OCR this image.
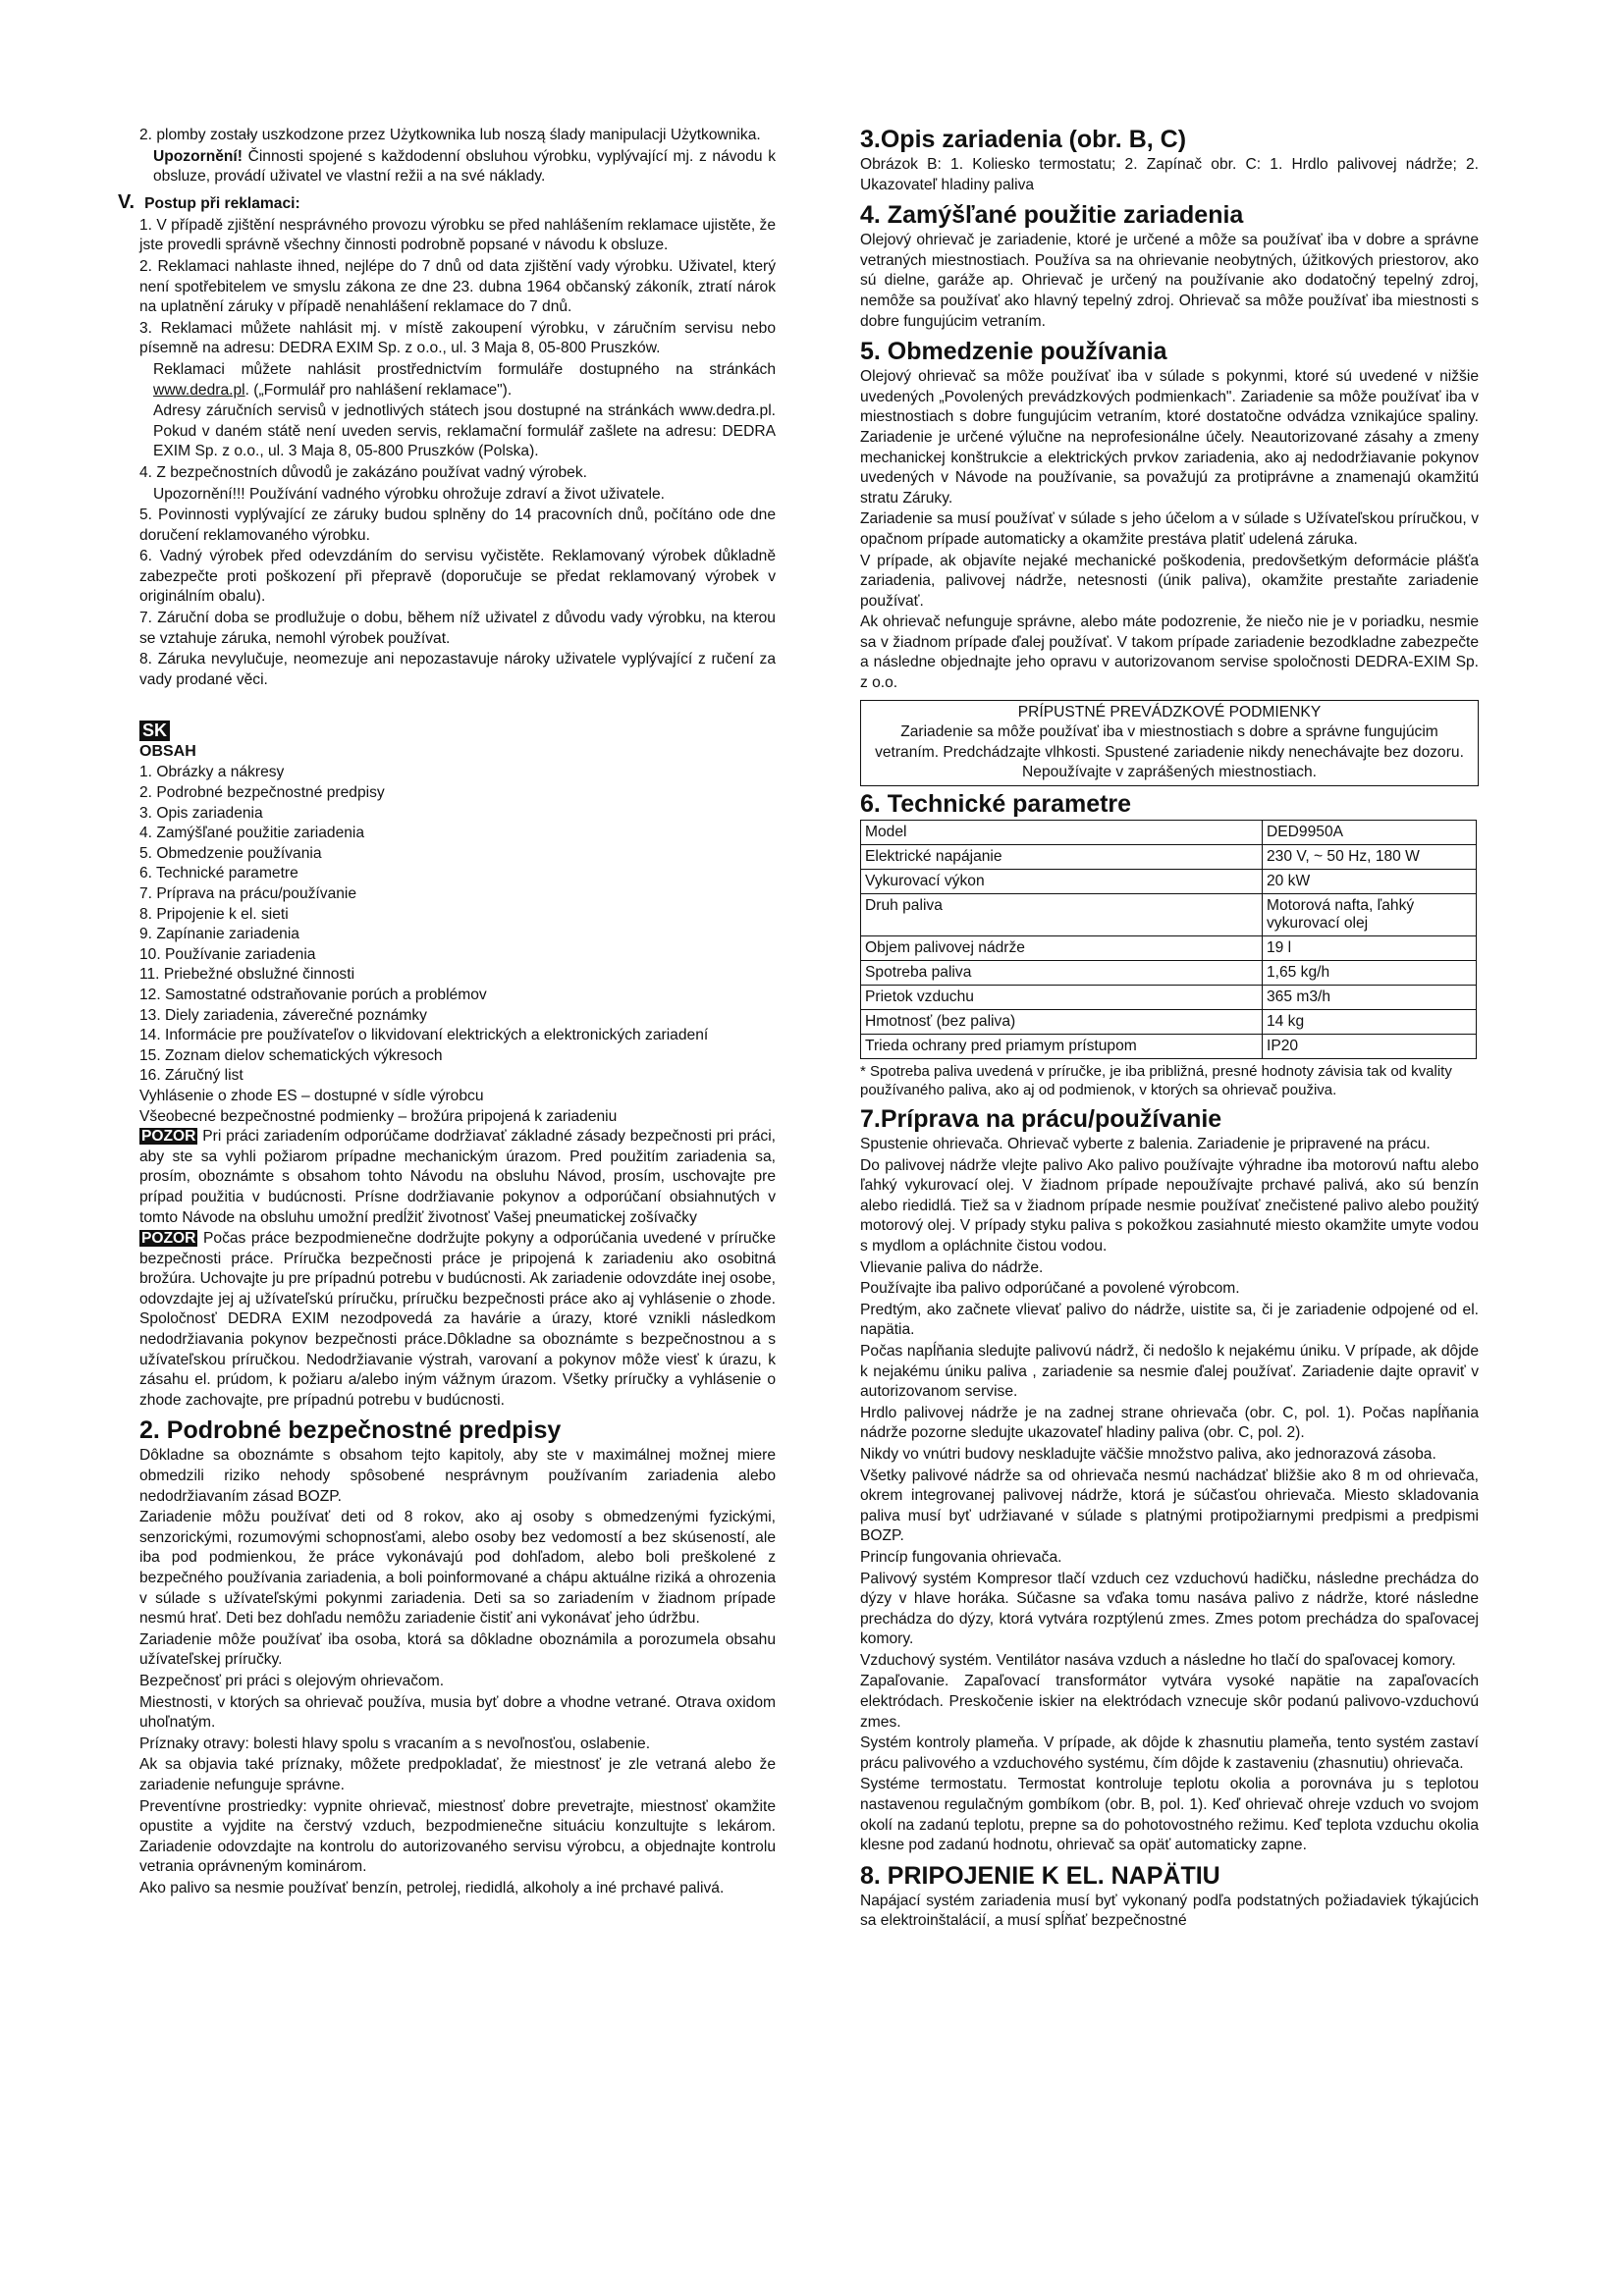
2. plomby zostały uszkodzone przez Użytkownika lub noszą ślady manipulacji Użytkownika.

Upozornění! Činnosti spojené s každodenní obsluhou výrobku, vyplývající mj. z návodu k obsluze, provádí uživatel ve vlastní režii a na své náklady.

V. Postup při reklamaci:

1. V případě zjištění nesprávného provozu výrobku se před nahlášením reklamace ujistěte, že jste provedli správně všechny činnosti podrobně popsané v návodu k obsluze.

2. Reklamaci nahlaste ihned, nejlépe do 7 dnů od data zjištění vady výrobku. Uživatel, který není spotřebitelem ve smyslu zákona ze dne 23. dubna 1964 občanský zákoník, ztratí nárok na uplatnění záruky v případě nenahlášení reklamace do 7 dnů.

3. Reklamaci můžete nahlásit mj. v místě zakoupení výrobku, v záručním servisu nebo písemně na adresu: DEDRA EXIM Sp. z o.o., ul. 3 Maja 8, 05-800 Pruszków.

Reklamaci můžete nahlásit prostřednictvím formuláře dostupného na stránkách www.dedra.pl. („Formulář pro nahlášení reklamace").

Adresy záručních servisů v jednotlivých státech jsou dostupné na stránkách www.dedra.pl. Pokud v daném státě není uveden servis, reklamační formulář zašlete na adresu: DEDRA EXIM Sp. z o.o., ul. 3 Maja 8, 05-800 Pruszków (Polska).

4. Z bezpečnostních důvodů je zakázáno používat vadný výrobek.

Upozornění!!! Používání vadného výrobku ohrožuje zdraví a život uživatele.

5. Povinnosti vyplývající ze záruky budou splněny do 14 pracovních dnů, počítáno ode dne doručení reklamovaného výrobku.

6. Vadný výrobek před odevzdáním do servisu vyčistěte. Reklamovaný výrobek důkladně zabezpečte proti poškození při přepravě (doporučuje se předat reklamovaný výrobek v originálním obalu).

7. Záruční doba se prodlužuje o dobu, během níž uživatel z důvodu vady výrobku, na kterou se vztahuje záruka, nemohl výrobek používat.

8. Záruka nevylučuje, neomezuje ani nepozastavuje nároky uživatele vyplývající z ručení za vady prodané věci.

SK
OBSAH

1. Obrázky a nákresy

2. Podrobné bezpečnostné predpisy

3. Opis zariadenia

4. Zamýšľané použitie zariadenia

5. Obmedzenie používania

6. Technické parametre

7. Príprava na prácu/používanie

8. Pripojenie k el. sieti

9. Zapínanie zariadenia

10. Používanie zariadenia

11. Priebežné obslužné činnosti

12. Samostatné odstraňovanie porúch a problémov

13. Diely zariadenia, záverečné poznámky

14. Informácie pre používateľov o likvidovaní elektrických a elektronických zariadení

15. Zoznam dielov schematických výkresoch

16. Záručný list

Vyhlásenie o zhode ES – dostupné v sídle výrobcu

Všeobecné bezpečnostné podmienky – brožúra pripojená k zariadeniu

POZOR Pri práci zariadením odporúčame dodržiavať základné zásady bezpečnosti pri práci, aby ste sa vyhli požiarom prípadne mechanickým úrazom. Pred použitím zariadenia sa, prosím, oboznámte s obsahom tohto Návodu na obsluhu Návod, prosím, uschovajte pre prípad použitia v budúcnosti. Prísne dodržiavanie pokynov a odporúčaní obsiahnutých v tomto Návode na obsluhu umožní predĺžiť životnosť Vašej pneumatickej zošívačky

POZOR Počas práce bezpodmienečne dodržujte pokyny a odporúčania uvedené v príručke bezpečnosti práce. Príručka bezpečnosti práce je pripojená k zariadeniu ako osobitná brožúra. Uchovajte ju pre prípadnú potrebu v budúcnosti. Ak zariadenie odovzdáte inej osobe, odovzdajte jej aj užívateľskú príručku, príručku bezpečnosti práce ako aj vyhlásenie o zhode. Spoločnosť DEDRA EXIM nezodpovedá za havárie a úrazy, ktoré vznikli následkom nedodržiavania pokynov bezpečnosti práce.Dôkladne sa oboznámte s bezpečnostnou a s užívateľskou príručkou. Nedodržiavanie výstrah, varovaní a pokynov môže viesť k úrazu, k zásahu el. prúdom, k požiaru a/alebo iným vážnym úrazom. Všetky príručky a vyhlásenie o zhode zachovajte, pre prípadnú potrebu v budúcnosti.

2. Podrobné bezpečnostné predpisy

Dôkladne sa oboznámte s obsahom tejto kapitoly, aby ste v maximálnej možnej miere obmedzili riziko nehody spôsobené nesprávnym používaním zariadenia alebo nedodržiavaním zásad BOZP.

Zariadenie môžu používať deti od 8 rokov, ako aj osoby s obmedzenými fyzickými, senzorickými, rozumovými schopnosťami, alebo osoby bez vedomostí a bez skúseností, ale iba pod podmienkou, že práce vykonávajú pod dohľadom, alebo boli preškolené z bezpečného používania zariadenia, a boli poinformované a chápu aktuálne riziká a ohrozenia v súlade s užívateľskými pokynmi zariadenia. Deti sa so zariadením v žiadnom prípade nesmú hrať. Deti bez dohľadu nemôžu zariadenie čistiť ani vykonávať jeho údržbu.

Zariadenie môže používať iba osoba, ktorá sa dôkladne oboznámila a porozumela obsahu užívateľskej príručky.

Bezpečnosť pri práci s olejovým ohrievačom.

Miestnosti, v ktorých sa ohrievač používa, musia byť dobre a vhodne vetrané. Otrava oxidom uhoľnatým.

Príznaky otravy: bolesti hlavy spolu s vracaním a s nevoľnosťou, oslabenie.

Ak sa objavia také príznaky, môžete predpokladať, že miestnosť je zle vetraná alebo že zariadenie nefunguje správne.

Preventívne prostriedky: vypnite ohrievač, miestnosť dobre prevetrajte, miestnosť okamžite opustite a vyjdite na čerstvý vzduch, bezpodmienečne situáciu konzultujte s lekárom. Zariadenie odovzdajte na kontrolu do autorizovaného servisu výrobcu, a objednajte kontrolu vetrania oprávneným kominárom.

Ako palivo sa nesmie používať benzín, petrolej, riedidlá, alkoholy a iné prchavé palivá.

3.Opis zariadenia (obr. B, C)

Obrázok B: 1. Koliesko termostatu; 2. Zapínač obr. C: 1. Hrdlo palivovej nádrže; 2. Ukazovateľ hladiny paliva

4. Zamýšľané použitie zariadenia

Olejový ohrievač je zariadenie, ktoré je určené a môže sa používať iba v dobre a správne vetraných miestnostiach. Používa sa na ohrievanie neobytných, úžitkových priestorov, ako sú dielne, garáže ap. Ohrievač je určený na používanie ako dodatočný tepelný zdroj, nemôže sa používať ako hlavný tepelný zdroj. Ohrievač sa môže používať iba miestnosti s dobre fungujúcim vetraním.

5. Obmedzenie používania

Olejový ohrievač sa môže používať iba v súlade s pokynmi, ktoré sú uvedené v nižšie uvedených „Povolených prevádzkových podmienkach". Zariadenie sa môže používať iba v miestnostiach s dobre fungujúcim vetraním, ktoré dostatočne odvádza vznikajúce spaliny. Zariadenie je určené výlučne na neprofesionálne účely. Neautorizované zásahy a zmeny mechanickej konštrukcie a elektrických prvkov zariadenia, ako aj nedodržiavanie pokynov uvedených v Návode na používanie, sa považujú za protiprávne a znamenajú okamžitú stratu Záruky.

Zariadenie sa musí používať v súlade s jeho účelom a v súlade s Užívateľskou príručkou, v opačnom prípade automaticky a okamžite prestáva platiť udelená záruka.

V prípade, ak objavíte nejaké mechanické poškodenia, predovšetkým deformácie plášťa zariadenia, palivovej nádrže, netesnosti (únik paliva), okamžite prestaňte zariadenie používať.

Ak ohrievač nefunguje správne, alebo máte podozrenie, že niečo nie je v poriadku, nesmie sa v žiadnom prípade ďalej používať. V takom prípade zariadenie bezodkladne zabezpečte a následne objednajte jeho opravu v autorizovanom servise spoločnosti DEDRA-EXIM Sp. z o.o.

PRÍPUSTNÉ PREVÁDZKOVÉ PODMIENKY
Zariadenie sa môže používať iba v miestnostiach s dobre a správne fungujúcim vetraním. Predchádzajte vlhkosti. Spustené zariadenie nikdy nenechávajte bez dozoru. Nepoužívajte v zaprášených miestnostiach.
6. Technické parametre
Model	DED9950A
Elektrické napájanie	230 V, ~ 50 Hz, 180 W
Vykurovací výkon	20 kW
Druh paliva	Motorová nafta, ľahký vykurovací olej
Objem palivovej nádrže	19 l
Spotreba paliva	1,65 kg/h
Prietok vzduchu	365 m3/h
Hmotnosť (bez paliva)	14 kg
Trieda ochrany pred priamym prístupom	IP20

* Spotreba paliva uvedená v príručke, je iba približná, presné hodnoty závisia tak od kvality používaného paliva, ako aj od podmienok, v ktorých sa ohrievač použiva.

7.Príprava na prácu/používanie

Spustenie ohrievača. Ohrievač vyberte z balenia. Zariadenie je pripravené na prácu.

Do palivovej nádrže vlejte palivo Ako palivo používajte výhradne iba motorovú naftu alebo ľahký vykurovací olej. V žiadnom prípade nepoužívajte prchavé palivá, ako sú benzín alebo riedidlá. Tiež sa v žiadnom prípade nesmie používať znečistené palivo alebo použitý motorový olej. V prípady styku paliva s pokožkou zasiahnuté miesto okamžite umyte vodou s mydlom a opláchnite čistou vodou.

Vlievanie paliva do nádrže.

Používajte iba palivo odporúčané a povolené výrobcom.

Predtým, ako začnete vlievať palivo do nádrže, uistite sa, či je zariadenie odpojené od el. napätia.

Počas napĺňania sledujte palivovú nádrž, či nedošlo k nejakému úniku. V prípade, ak dôjde k nejakému úniku paliva , zariadenie sa nesmie ďalej používať. Zariadenie dajte opraviť v autorizovanom servise.

Hrdlo palivovej nádrže je na zadnej strane ohrievača (obr. C, pol. 1). Počas napĺňania nádrže pozorne sledujte ukazovateľ hladiny paliva (obr. C, pol. 2).

Nikdy vo vnútri budovy neskladujte väčšie množstvo paliva, ako jednorazová zásoba.

Všetky palivové nádrže sa od ohrievača nesmú nachádzať bližšie ako 8 m od ohrievača, okrem integrovanej palivovej nádrže, ktorá je súčasťou ohrievača. Miesto skladovania paliva musí byť udržiavané v súlade s platnými protipožiarnymi predpismi a predpismi BOZP.

Princíp fungovania ohrievača.

Palivový systém Kompresor tlačí vzduch cez vzduchovú hadičku, následne prechádza do dýzy v hlave horáka. Súčasne sa vďaka tomu nasáva palivo z nádrže, ktoré následne prechádza do dýzy, ktorá vytvára rozptýlenú zmes. Zmes potom prechádza do spaľovacej komory.

Vzduchový systém. Ventilátor nasáva vzduch a následne ho tlačí do spaľovacej komory.

Zapaľovanie. Zapaľovací transformátor vytvára vysoké napätie na zapaľovacích elektródach. Preskočenie iskier na elektródach vznecuje skôr podanú palivovo-vzduchovú zmes.

Systém kontroly plameňa. V prípade, ak dôjde k zhasnutiu plameňa, tento systém zastaví prácu palivového a vzduchového systému, čím dôjde k zastaveniu (zhasnutiu) ohrievača.

Systéme termostatu. Termostat kontroluje teplotu okolia a porovnáva ju s teplotou nastavenou regulačným gombíkom (obr. B, pol. 1). Keď ohrievač ohreje vzduch vo svojom okolí na zadanú teplotu, prepne sa do pohotovostného režimu. Keď teplota vzduchu okolia klesne pod zadanú hodnotu, ohrievač sa opäť automaticky zapne.

8. PRIPOJENIE K EL. NAPÄTIU

Napájací systém zariadenia musí byť vykonaný podľa podstatných požiadaviek týkajúcich sa elektroinštalácií, a musí spĺňať bezpečnostné
